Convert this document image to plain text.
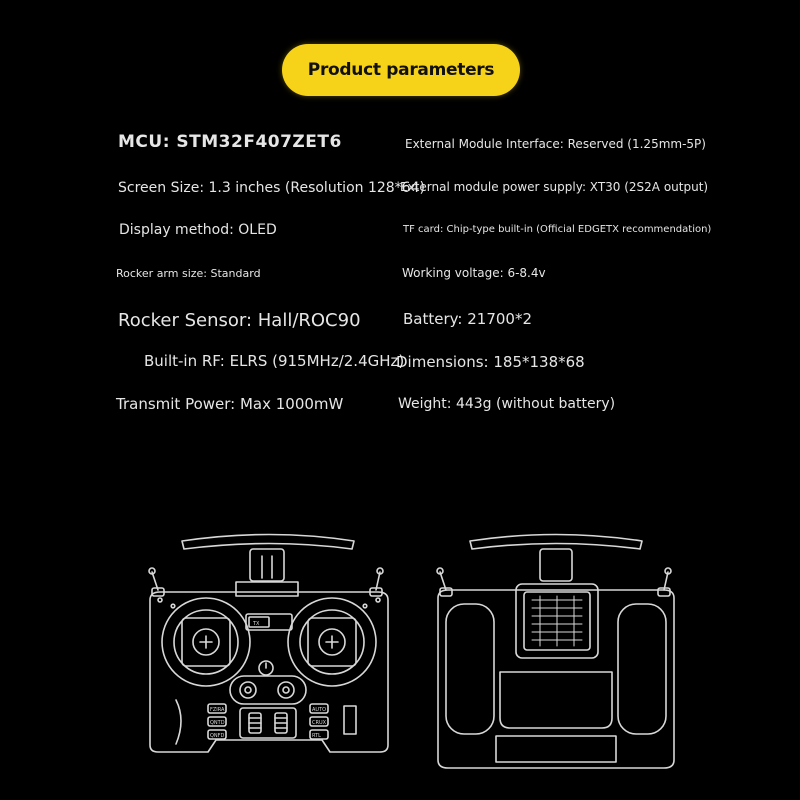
Product parameters
MCU: STM32F407ZET6
Screen Size: 1.3 inches (Resolution 128*64)
Display method: OLED
Rocker arm size: Standard
Rocker Sensor: Hall/ROC90
Built-in RF: ELRS (915MHz/2.4GHz)
Transmit Power: Max 1000mW
External Module Interface: Reserved (1.25mm-5P)
External module power supply: XT30 (2S2A output)
TF card: Chip-type built-in (Official EDGETX recommendation)
Working voltage: 6-8.4v
Battery: 21700*2
Dimensions: 185*138*68
Weight: 443g (without battery)
TX
FZIRA
QNTD
QNFD
AUTO
CRUX
RTL
